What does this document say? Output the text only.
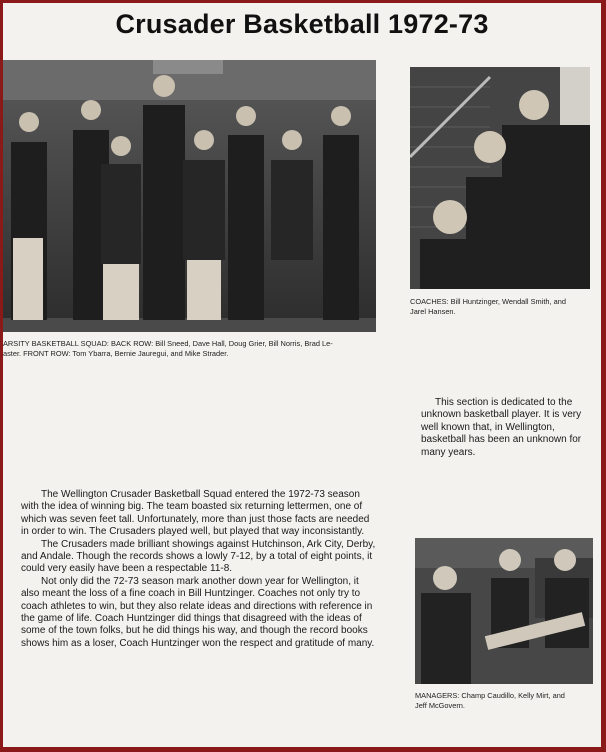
Crusader Basketball 1972-73
ARSITY BASKETBALL SQUAD: BACK ROW: Bill Sneed, Dave Hall, Doug Grier, Bill Norris, Brad Le-
aster. FRONT ROW: Tom Ybarra, Bernie Jauregui, and Mike Strader.
COACHES: Bill Huntzinger, Wendall Smith, and
Jarel Hansen.
This section is dedicated to the unknown basketball player. It is very well known that, in Wellington, basketball has been an unknown for many years.

The Wellington Crusader Basketball Squad entered the 1972-73 season with the idea of winning big. The team boasted six returning lettermen, one of which was seven feet tall. Unfortunately, more than just those facts are needed in order to win. The Crusaders played well, but played that way inconsistantly.

The Crusaders made brilliant showings against Hutchinson, Ark City, Derby, and Andale. Though the records shows a lowly 7-12, by a total of eight points, it could very easily have been a respectable 11-8.

Not only did the 72-73 season mark another down year for Wellington, it also meant the loss of a fine coach in Bill Huntzinger. Coaches not only try to coach athletes to win, but they also relate ideas and directions with reference in the game of life. Coach Huntzinger did things that disagreed with the ideas of some of the town folks, but he did things his way, and though the record books shows him as a loser, Coach Huntzinger won the respect and gratitude of many.

MANAGERS: Champ Caudillo, Kelly Mirt, and
Jeff McGovern.
